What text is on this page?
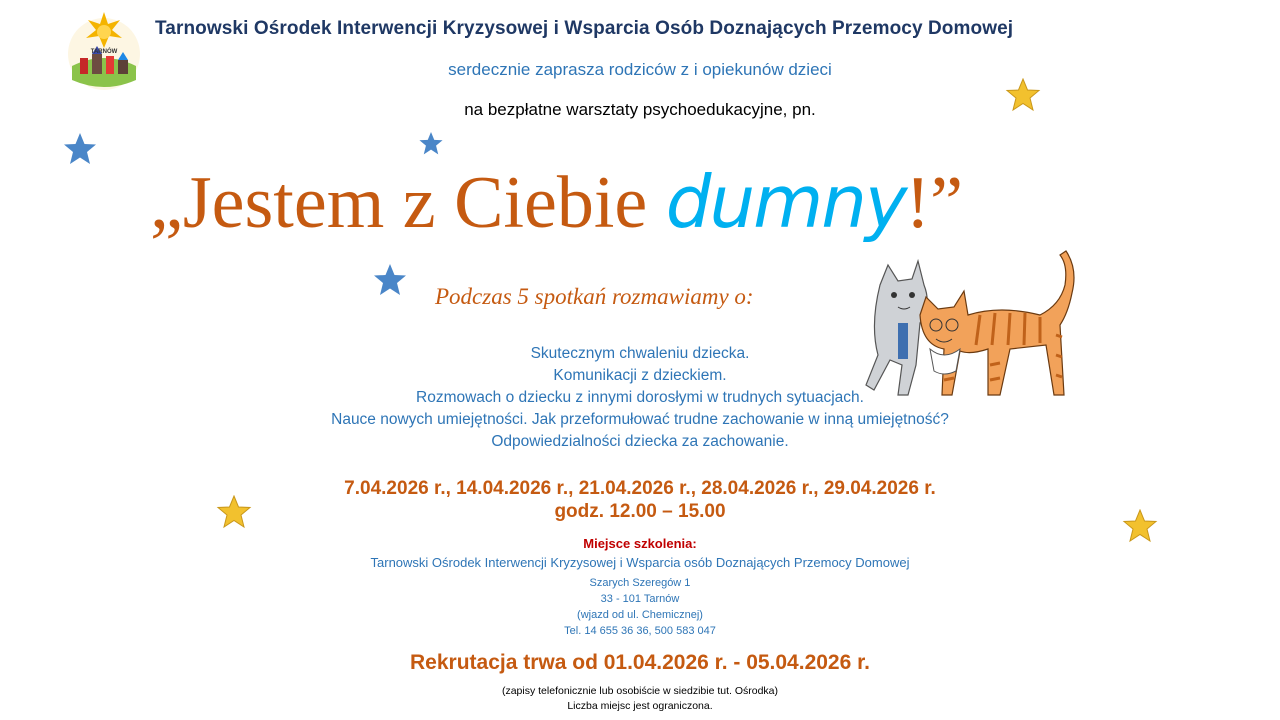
TARNÓW
Tarnowski Ośrodek Interwencji Kryzysowej i Wsparcia Osób Doznających Przemocy Domowej
serdecznie zaprasza rodziców z i opiekunów dzieci
na bezpłatne warsztaty psychoedukacyjne, pn.
„Jestem z Ciebie dumny!”
Podczas 5 spotkań rozmawiamy o:
Skutecznym chwaleniu dziecka.
Komunikacji z dzieckiem.
Rozmowach o dziecku z innymi dorosłymi w trudnych sytuacjach.
Nauce nowych umiejętności. Jak przeformułować trudne zachowanie w inną umiejętność?
Odpowiedzialności dziecka za zachowanie.
7.04.2026 r., 14.04.2026 r., 21.04.2026 r., 28.04.2026 r., 29.04.2026 r.
godz. 12.00 – 15.00
Miejsce szkolenia:
Tarnowski Ośrodek Interwencji Kryzysowej i Wsparcia osób Doznających Przemocy Domowej
Szarych Szeregów 1
33 - 101 Tarnów
(wjazd od ul. Chemicznej)
Tel. 14 655 36 36, 500 583 047
Rekrutacja trwa od 01.04.2026 r. - 05.04.2026 r.
(zapisy telefonicznie lub osobiście w siedzibie tut. Ośrodka)
Liczba miejsc jest ograniczona.
